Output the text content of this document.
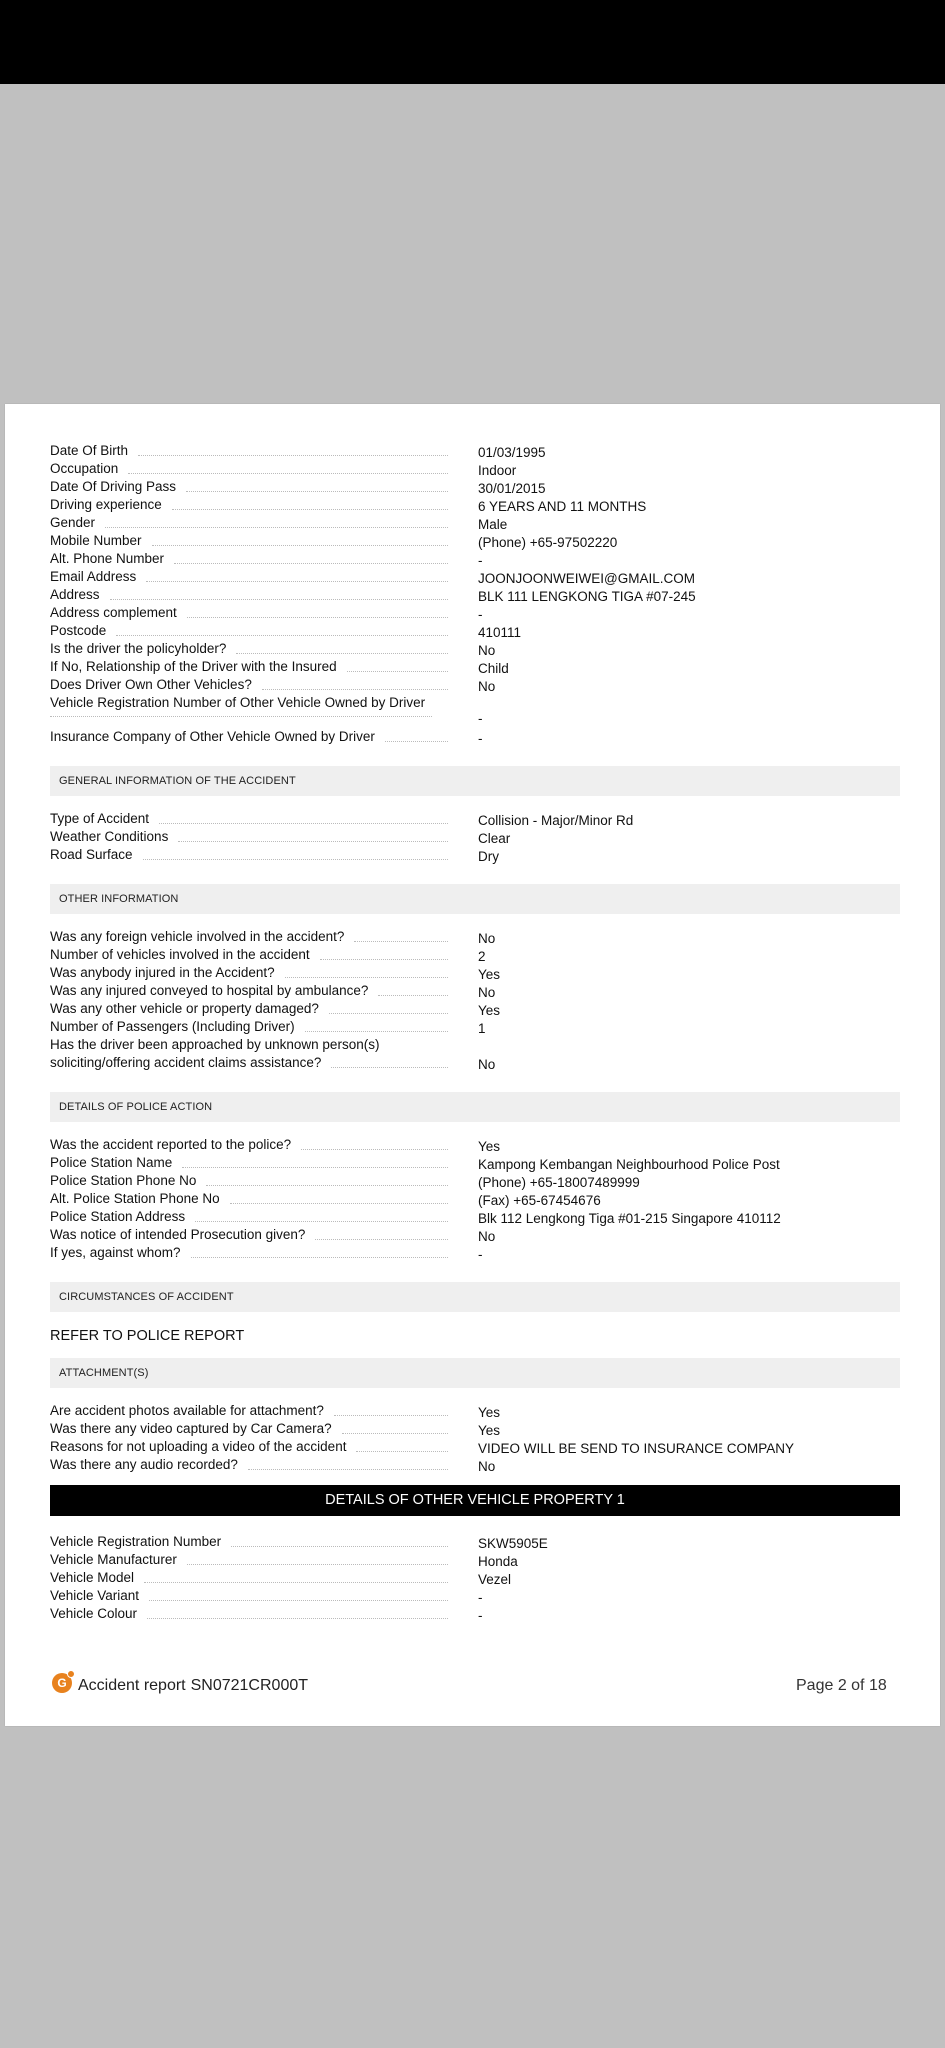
Date Of Birth	01/03/1995
Occupation	Indoor
Date Of Driving Pass	30/01/2015
Driving experience	6 YEARS AND 11 MONTHS
Gender	Male
Mobile Number	(Phone) +65-97502220
Alt. Phone Number	-
Email Address	JOONJOONWEIWEI@GMAIL.COM
Address	BLK 111 LENGKONG TIGA #07-245
Address complement	-
Postcode	410111
Is the driver the policyholder?	No
If No, Relationship of the Driver with the Insured	Child
Does Driver Own Other Vehicles?	No
Vehicle Registration Number of Other Vehicle Owned by Driver
-
Insurance Company of Other Vehicle Owned by Driver	-
GENERAL INFORMATION OF THE ACCIDENT
Type of Accident	Collision - Major/Minor Rd
Weather Conditions	Clear
Road Surface	Dry
OTHER INFORMATION
Was any foreign vehicle involved in the accident?	No
Number of vehicles involved in the accident	2
Was anybody injured in the Accident?	Yes
Was any injured conveyed to hospital by ambulance?	No
Was any other vehicle or property damaged?	Yes
Number of Passengers (Including Driver)	1
Has the driver been approached by unknown person(s)
soliciting/offering accident claims assistance?	No
DETAILS OF POLICE ACTION
Was the accident reported to the police?	Yes
Police Station Name	Kampong Kembangan Neighbourhood Police Post
Police Station Phone No	(Phone) +65-18007489999
Alt. Police Station Phone No	(Fax) +65-67454676
Police Station Address	Blk 112 Lengkong Tiga #01-215 Singapore 410112
Was notice of intended Prosecution given?	No
If yes, against whom?	-
CIRCUMSTANCES OF ACCIDENT
REFER TO POLICE REPORT
ATTACHMENT(S)
Are accident photos available for attachment?	Yes
Was there any video captured by Car Camera?	Yes
Reasons for not uploading a video of the accident	VIDEO WILL BE SEND TO INSURANCE COMPANY
Was there any audio recorded?	No
DETAILS OF OTHER VEHICLE PROPERTY 1
Vehicle Registration Number	SKW5905E
Vehicle Manufacturer	Honda
Vehicle Model	Vezel
Vehicle Variant	-
Vehicle Colour	-
G Accident report SN0721CR000T	Page 2 of 18
